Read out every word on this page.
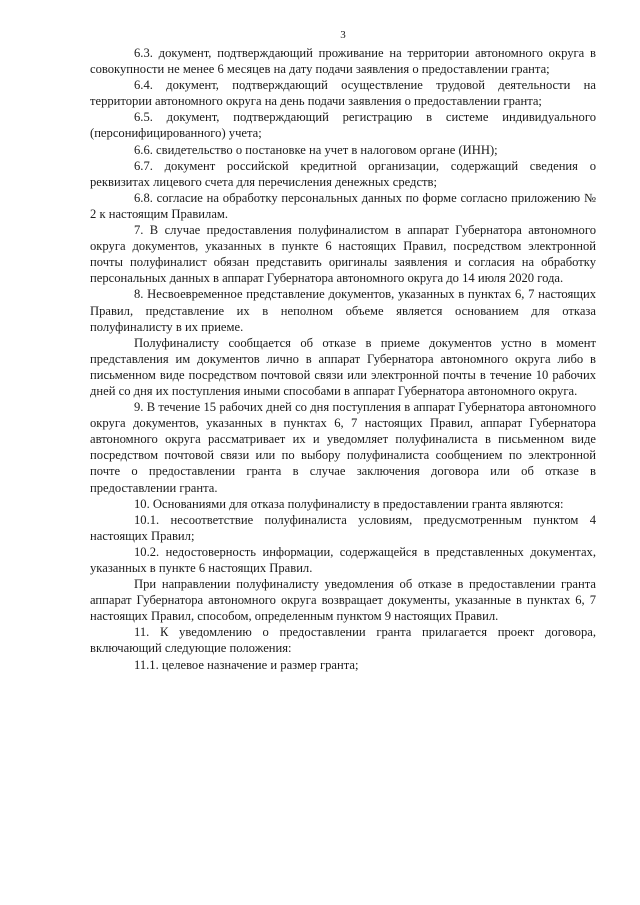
3

6.3. документ, подтверждающий проживание на территории автономного округа в совокупности не менее 6 месяцев на дату подачи заявления о предоставлении гранта;

6.4. документ, подтверждающий осуществление трудовой деятельности на территории автономного округа на день подачи заявления о предоставлении гранта;

6.5. документ, подтверждающий регистрацию в системе индивидуального (персонифицированного) учета;

6.6. свидетельство о постановке на учет в налоговом органе (ИНН);

6.7. документ российской кредитной организации, содержащий сведения о реквизитах лицевого счета для перечисления денежных средств;

6.8. согласие на обработку персональных данных по форме согласно приложению № 2 к настоящим Правилам.

7. В случае предоставления полуфиналистом в аппарат Губернатора автономного округа документов, указанных в пункте 6 настоящих Правил, посредством электронной почты полуфиналист обязан представить оригиналы заявления и согласия на обработку персональных данных в аппарат Губернатора автономного округа до 14 июля 2020 года.

8. Несвоевременное представление документов, указанных в пунктах 6, 7 настоящих Правил, представление их в неполном объеме является основанием для отказа полуфиналисту в их приеме.

Полуфиналисту сообщается об отказе в приеме документов устно в момент представления им документов лично в аппарат Губернатора автономного округа либо в письменном виде посредством почтовой связи или электронной почты в течение 10 рабочих дней со дня их поступления иными способами в аппарат Губернатора автономного округа.

9. В течение 15 рабочих дней со дня поступления в аппарат Губернатора автономного округа документов, указанных в пунктах 6, 7 настоящих Правил, аппарат Губернатора автономного округа рассматривает их и уведомляет полуфиналиста в письменном виде посредством почтовой связи или по выбору полуфиналиста сообщением по электронной почте о предоставлении гранта в случае заключения договора или об отказе в предоставлении гранта.

10. Основаниями для отказа полуфиналисту в предоставлении гранта являются:

10.1. несоответствие полуфиналиста условиям, предусмотренным пунктом 4 настоящих Правил;

10.2. недостоверность информации, содержащейся в представленных документах, указанных в пункте 6 настоящих Правил.

При направлении полуфиналисту уведомления об отказе в предоставлении гранта аппарат Губернатора автономного округа возвращает документы, указанные в пунктах 6, 7 настоящих Правил, способом, определенным пунктом 9 настоящих Правил.

11. К уведомлению о предоставлении гранта прилагается проект договора, включающий следующие положения:

11.1. целевое назначение и размер гранта;
